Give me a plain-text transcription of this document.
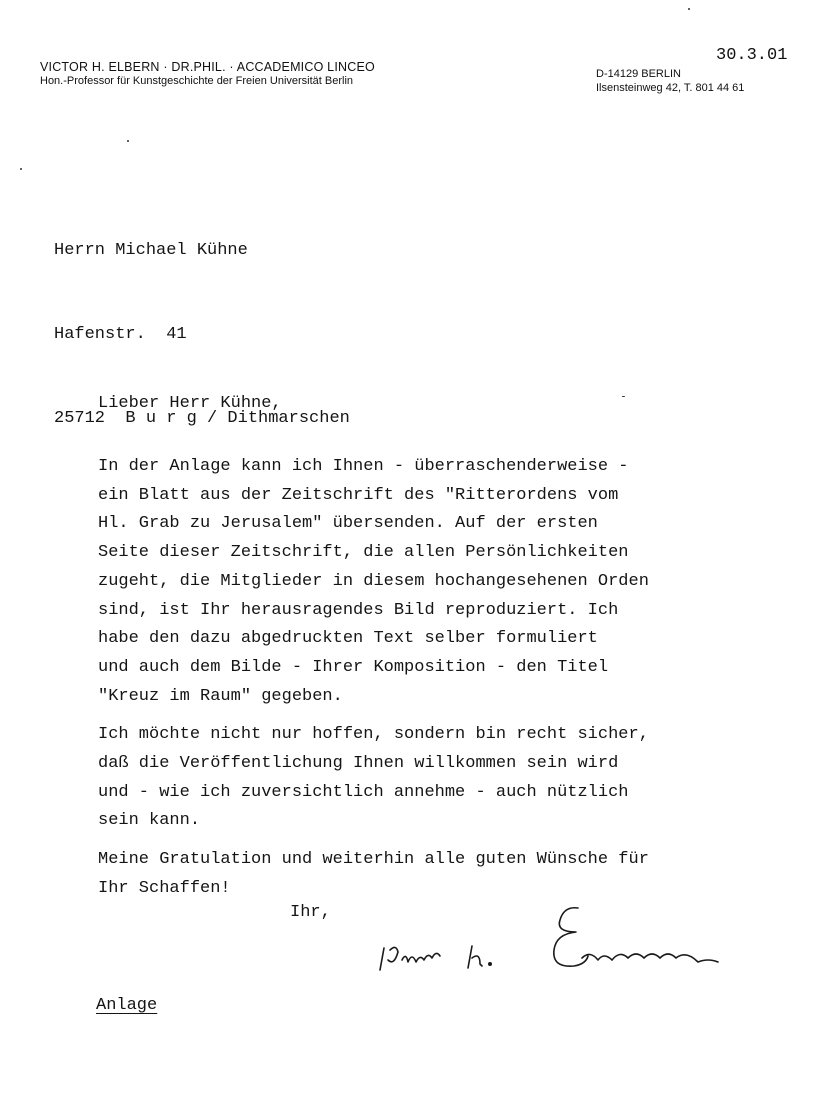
VICTOR H. ELBERN · DR.PHIL. · ACCADEMICO LINCEO
Hon.-Professor für Kunstgeschichte der Freien Universität Berlin
D-14129 BERLIN
Ilsensteinweg 42, T. 801 44 61
30.3.01

Herrn Michael Kühne

Hafenstr.  41

25712  B u r g / Dithmarschen

Lieber Herr Kühne,

In der Anlage kann ich Ihnen - überraschenderweise -
ein Blatt aus der Zeitschrift des "Ritterordens vom
Hl. Grab zu Jerusalem" übersenden. Auf der ersten
Seite dieser Zeitschrift, die allen Persönlichkeiten
zugeht, die Mitglieder in diesem hochangesehenen Orden
sind, ist Ihr herausragendes Bild reproduziert. Ich
habe den dazu abgedruckten Text selber formuliert
und auch dem Bilde - Ihrer Komposition - den Titel
"Kreuz im Raum" gegeben.

Ich möchte nicht nur hoffen, sondern bin recht sicher,
daß die Veröffentlichung Ihnen willkommen sein wird
und - wie ich zuversichtlich annehme - auch nützlich
sein kann.

Meine Gratulation und weiterhin alle guten Wünsche für
Ihr Schaffen!

Ihr,
Anlage
